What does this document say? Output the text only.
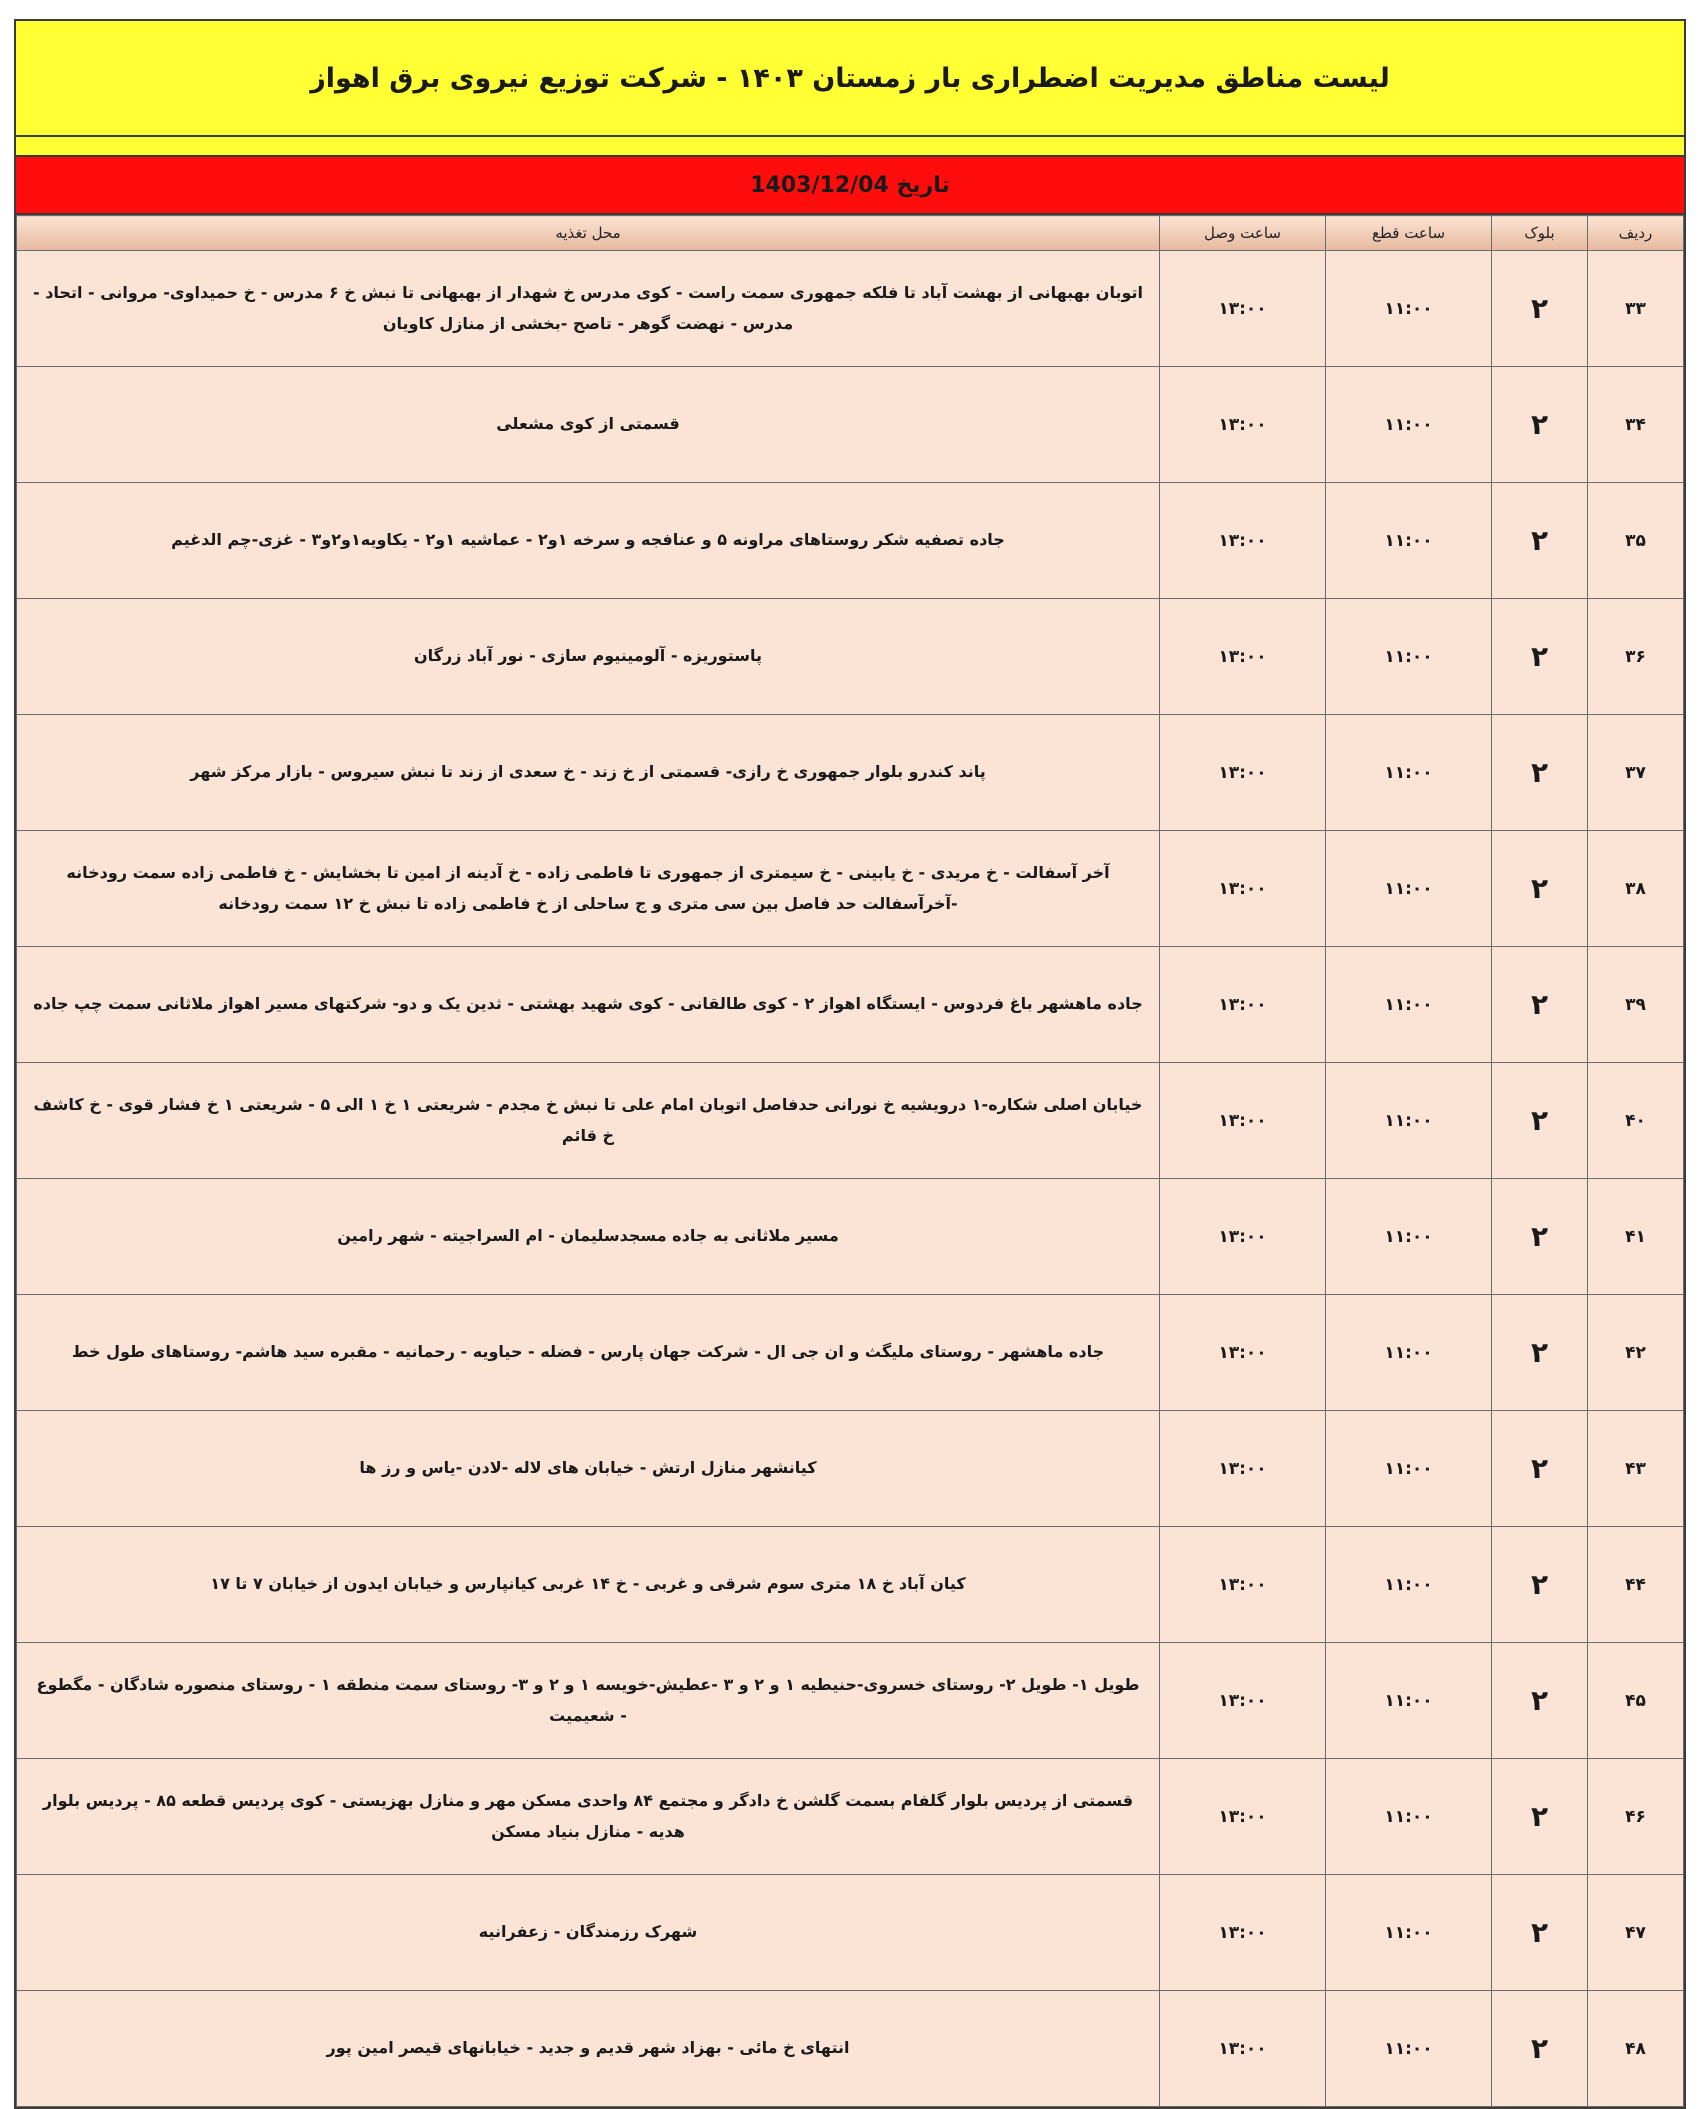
لیست مناطق مدیریت اضطراری بار زمستان ۱۴۰۳ - شرکت توزیع نیروی برق اهواز
تاریخ 1403/12/04
ردیف	بلوک	ساعت قطع	ساعت وصل	محل تغذیه
۳۳	۲	۱۱:۰۰	۱۳:۰۰	اتوبان بهبهانی از بهشت آباد تا فلکه جمهوری سمت راست - کوی مدرس خ شهدار از بهبهانی تا نبش خ ۶ مدرس - خ حمیداوی- مروانی - اتحاد - مدرس - نهضت گوهر - تاصح -بخشی از منازل کاویان
۳۴	۲	۱۱:۰۰	۱۳:۰۰	قسمتی از کوی مشعلی
۳۵	۲	۱۱:۰۰	۱۳:۰۰	جاده تصفیه شکر روستاهای مراونه ۵ و عنافجه و سرخه ۱و۲ - عماشیه ۱و۲ - یکاویه۱و۲و۳ - غزی-چم الدغیم
۳۶	۲	۱۱:۰۰	۱۳:۰۰	پاستوریزه - آلومینیوم سازی - نور آباد زرگان
۳۷	۲	۱۱:۰۰	۱۳:۰۰	پاند کندرو بلوار جمهوری خ رازی- قسمتی از خ زند - خ سعدی از زند تا نبش سیروس - بازار مرکز شهر
۳۸	۲	۱۱:۰۰	۱۳:۰۰	آخر آسفالت - خ مریدی - خ یابینی - خ سیمتری از جمهوری تا فاطمی زاده - خ آدینه از امین تا بخشایش - خ فاطمی زاده سمت رودخانه -آخرآسفالت حد فاصل بین سی متری و ج ساحلی از خ فاطمی زاده تا نبش خ ۱۲ سمت رودخانه
۳۹	۲	۱۱:۰۰	۱۳:۰۰	جاده ماهشهر باغ فردوس - ایستگاه اهواز ۲ - کوی طالقانی - کوی شهید بهشتی - ثدین یک و دو- شرکتهای مسیر اهواز ملاثانی سمت چپ جاده
۴۰	۲	۱۱:۰۰	۱۳:۰۰	خیابان اصلی شکاره-۱ درویشیه خ نورانی حدفاصل اتوبان امام علی تا نبش خ مجدم - شریعتی ۱ خ ۱ الی ۵ - شریعتی ۱ خ فشار قوی - خ کاشف خ قائم
۴۱	۲	۱۱:۰۰	۱۳:۰۰	مسیر ملاثانی به جاده مسجدسلیمان - ام السراجیته - شهر رامین
۴۲	۲	۱۱:۰۰	۱۳:۰۰	جاده ماهشهر - روستای ملیگث و ان جی ال - شرکت جهان پارس - فضله - حیاویه - رحمانیه - مقبره سید هاشم- روستاهای طول خط
۴۳	۲	۱۱:۰۰	۱۳:۰۰	کیانشهر منازل ارتش - خیابان های لاله -لادن -یاس و رز ها
۴۴	۲	۱۱:۰۰	۱۳:۰۰	کیان آباد خ ۱۸ متری سوم شرقی و غربی - خ ۱۴ غربی کیانپارس و خیابان ایدون از خیابان ۷ تا ۱۷
۴۵	۲	۱۱:۰۰	۱۳:۰۰	طویل ۱- طویل ۲- روستای خسروی-حنیطیه ۱ و ۲ و ۳ -عطیش-خویسه ۱ و ۲ و ۳- روستای سمت منطقه ۱ - روستای منصوره شادگان - مگطوع - شعیمیت
۴۶	۲	۱۱:۰۰	۱۳:۰۰	قسمتی از پردیس بلوار گلفام بسمت گلشن خ دادگر و مجتمع ۸۴ واحدی مسکن مهر و منازل بهزیستی - کوی پردیس قطعه ۸۵ - پردیس بلوار هدیه - منازل بنیاد مسکن
۴۷	۲	۱۱:۰۰	۱۳:۰۰	شهرک رزمندگان - زعفرانیه
۴۸	۲	۱۱:۰۰	۱۳:۰۰	انتهای خ مائی - بهزاد شهر قدیم و جدید - خیابانهای قیصر امین پور
